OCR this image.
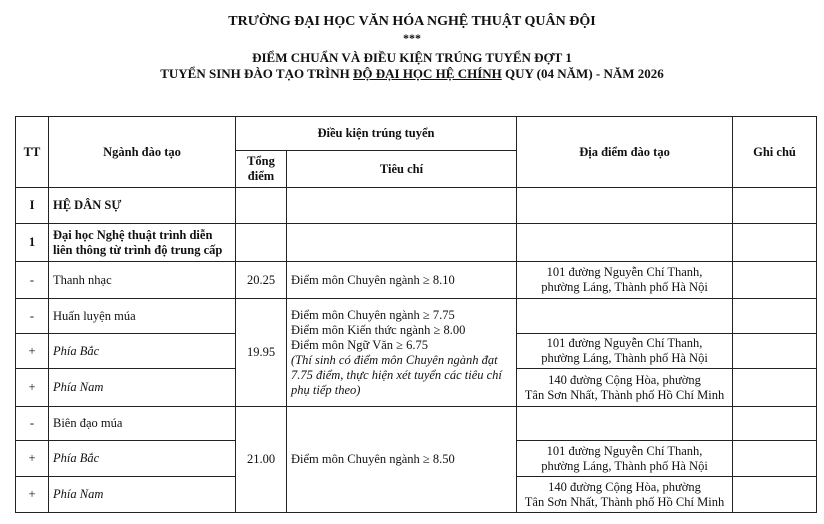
TRƯỜNG ĐẠI HỌC VĂN HÓA NGHỆ THUẬT QUÂN ĐỘI
***
ĐIỂM CHUẨN VÀ ĐIỀU KIỆN TRÚNG TUYỂN ĐỢT 1
TUYỂN SINH ĐÀO TẠO TRÌNH ĐỘ ĐẠI HỌC HỆ CHÍNH QUY (04 NĂM) - NĂM 2026
TT	Ngành đào tạo	Điều kiện trúng tuyển		Địa điểm đào tạo	Ghi chú
		Tổng điểm	Tiêu chí		
I	HỆ DÂN SỰ				
1	Đại học Nghệ thuật trình diễn liên thông từ trình độ trung cấp				
-	Thanh nhạc	20.25	Điểm môn Chuyên ngành ≥ 8.10	101 đường Nguyễn Chí Thanh,
phường Láng, Thành phố Hà Nội	

-	Huấn luyện múa	19.95	Điểm môn Chuyên ngành ≥ 7.75

Điểm môn Kiến thức ngành ≥ 8.00

Điểm môn Ngữ Văn ≥ 6.75

(Thí sinh có điểm môn Chuyên ngành đạt 7.75 điểm, thực hiện xét tuyển các tiêu chí phụ tiếp theo)		

+	Phía Bắc			101 đường Nguyễn Chí Thanh,
phường Láng, Thành phố Hà Nội	

+	Phía Nam			140 đường Cộng Hòa, phường
Tân Sơn Nhất, Thành phố Hồ Chí Minh	

-	Biên đạo múa	21.00	Điểm môn Chuyên ngành ≥ 8.50		
+	Phía Bắc			101 đường Nguyễn Chí Thanh,
phường Láng, Thành phố Hà Nội	

+	Phía Nam			140 đường Cộng Hòa, phường
Tân Sơn Nhất, Thành phố Hồ Chí Minh	
